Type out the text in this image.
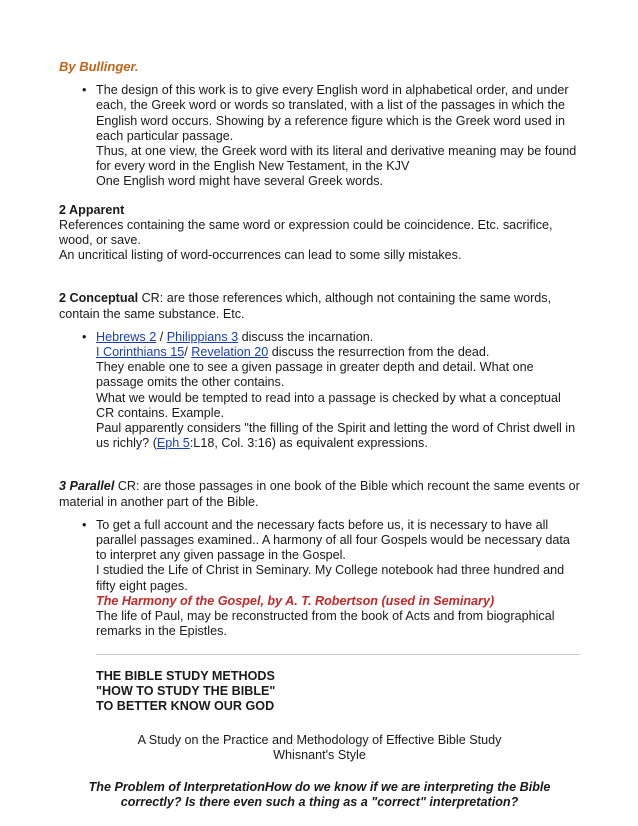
By Bullinger.
• The design of this work is to give every English word in alphabetical order, and under
each, the Greek word or words so translated, with a list of the passages in which the
English word occurs. Showing by a reference figure which is the Greek word used in
each particular passage.
Thus, at one view, the Greek word with its literal and derivative meaning may be found
for every word in the English New Testament, in the KJV
One English word might have several Greek words.
2 Apparent
References containing the same word or expression could be coincidence. Etc. sacrifice,
wood, or save.
An uncritical listing of word-occurrences can lead to some silly mistakes.
2 Conceptual CR: are those references which, although not containing the same words,
contain the same substance. Etc.
• Hebrews 2 / Philippians 3 discuss the incarnation.
I Corinthians 15/ Revelation 20 discuss the resurrection from the dead.
They enable one to see a given passage in greater depth and detail. What one
passage omits the other contains.
What we would be tempted to read into a passage is checked by what a conceptual
CR contains. Example.
Paul apparently considers "the filling of the Spirit and letting the word of Christ dwell in
us richly? (Eph 5:L18, Col. 3:16) as equivalent expressions.
3 Parallel CR: are those passages in one book of the Bible which recount the same events or
material in another part of the Bible.
• To get a full account and the necessary facts before us, it is necessary to have all
parallel passages examined.. A harmony of all four Gospels would be necessary data
to interpret any given passage in the Gospel.
I studied the Life of Christ in Seminary. My College notebook had three hundred and
fifty eight pages.
The Harmony of the Gospel, by A. T. Robertson (used in Seminary)
The life of Paul, may be reconstructed from the book of Acts and from biographical
remarks in the Epistles.
THE BIBLE STUDY METHODS
"HOW TO STUDY THE BIBLE"
TO BETTER KNOW OUR GOD
A Study on the Practice and Methodology of Effective Bible Study
Whisnant's Style
The Problem of InterpretationHow do we know if we are interpreting the Bible
correctly? Is there even such a thing as a "correct" interpretation?
